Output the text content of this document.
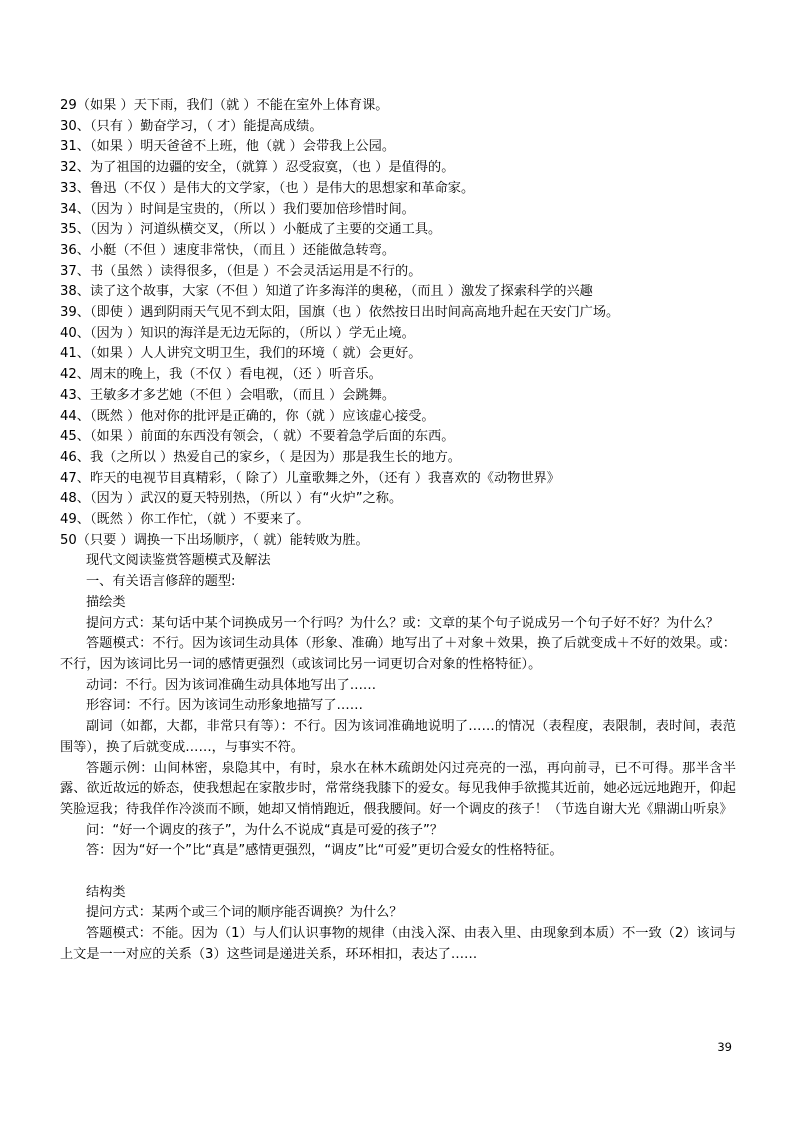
29（如果 ）天下雨，我们（就 ）不能在室外上体育课。
30、（只有 ）勤奋学习，（ 才）能提高成绩。
31、（如果 ）明天爸爸不上班，他（就 ）会带我上公园。
32、为了祖国的边疆的安全，（就算 ）忍受寂寞，（也 ）是值得的。
33、鲁迅（不仅 ）是伟大的文学家，（也 ）是伟大的思想家和革命家。
34、（因为 ）时间是宝贵的，（所以 ）我们要加倍珍惜时间。
35、（因为 ）河道纵横交叉，（所以 ）小艇成了主要的交通工具。
36、小艇（不但 ）速度非常快，（而且 ）还能做急转弯。
37、书（虽然 ）读得很多，（但是 ）不会灵活运用是不行的。
38、读了这个故事，大家（不但 ）知道了许多海洋的奥秘，（而且 ）激发了探索科学的兴趣
39、（即使 ）遇到阴雨天气见不到太阳，国旗（也 ）依然按日出时间高高地升起在天安门广场。
40、（因为 ）知识的海洋是无边无际的，（所以 ）学无止境。
41、（如果 ）人人讲究文明卫生，我们的环境（ 就）会更好。
42、周末的晚上，我（不仅 ）看电视，（还 ）听音乐。
43、王敏多才多艺她（不但 ）会唱歌，（而且 ）会跳舞。
44、（既然 ）他对你的批评是正确的，你（就 ）应该虚心接受。
45、（如果 ）前面的东西没有领会，（ 就）不要着急学后面的东西。
46、我（之所以 ）热爱自己的家乡，（ 是因为）那是我生长的地方。
47、昨天的电视节目真精彩，（ 除了）儿童歌舞之外，（还有 ）我喜欢的《动物世界》
48、（因为 ）武汉的夏天特别热，（所以 ）有“火炉”之称。
49、（既然 ）你工作忙，（就 ）不要来了。
50（只要 ）调换一下出场顺序，（ 就）能转败为胜。
现代文阅读鉴赏答题模式及解法
一、有关语言修辞的题型:
描绘类

提问方式：某句话中某个词换成另一个行吗？为什么？或：文章的某个句子说成另一个句子好不好？为什么？

答题模式：不行。因为该词生动具体（形象、准确）地写出了＋对象＋效果，换了后就变成＋不好的效果。或：不行，因为该词比另一词的感情更强烈（或该词比另一词更切合对象的性格特征）。

动词：不行。因为该词准确生动具体地写出了……

形容词：不行。因为该词生动形象地描写了……

副词（如都，大都，非常只有等）：不行。因为该词准确地说明了……的情况（表程度，表限制，表时间，表范围等），换了后就变成……，与事实不符。

答题示例：山间林密，泉隐其中，有时，泉水在林木疏朗处闪过亮亮的一泓，再向前寻，已不可得。那半含半露、欲近故远的娇态，使我想起在家散步时，常常绕我膝下的爱女。每见我伸手欲揽其近前，她必远远地跑开，仰起笑脸逗我；待我佯作冷淡而不顾，她却又悄悄跑近，偎我腰间。好一个调皮的孩子！（节选自谢大光《鼎湖山听泉》

问：“好一个调皮的孩子”，为什么不说成“真是可爱的孩子”？

答：因为“好一个”比“真是”感情更强烈，“调皮”比“可爱”更切合爱女的性格特征。

结构类

提问方式：某两个或三个词的顺序能否调换？为什么？

答题模式：不能。因为（1）与人们认识事物的规律（由浅入深、由表入里、由现象到本质）不一致（2）该词与上文是一一对应的关系（3）这些词是递进关系，环环相扣，表达了……

39
